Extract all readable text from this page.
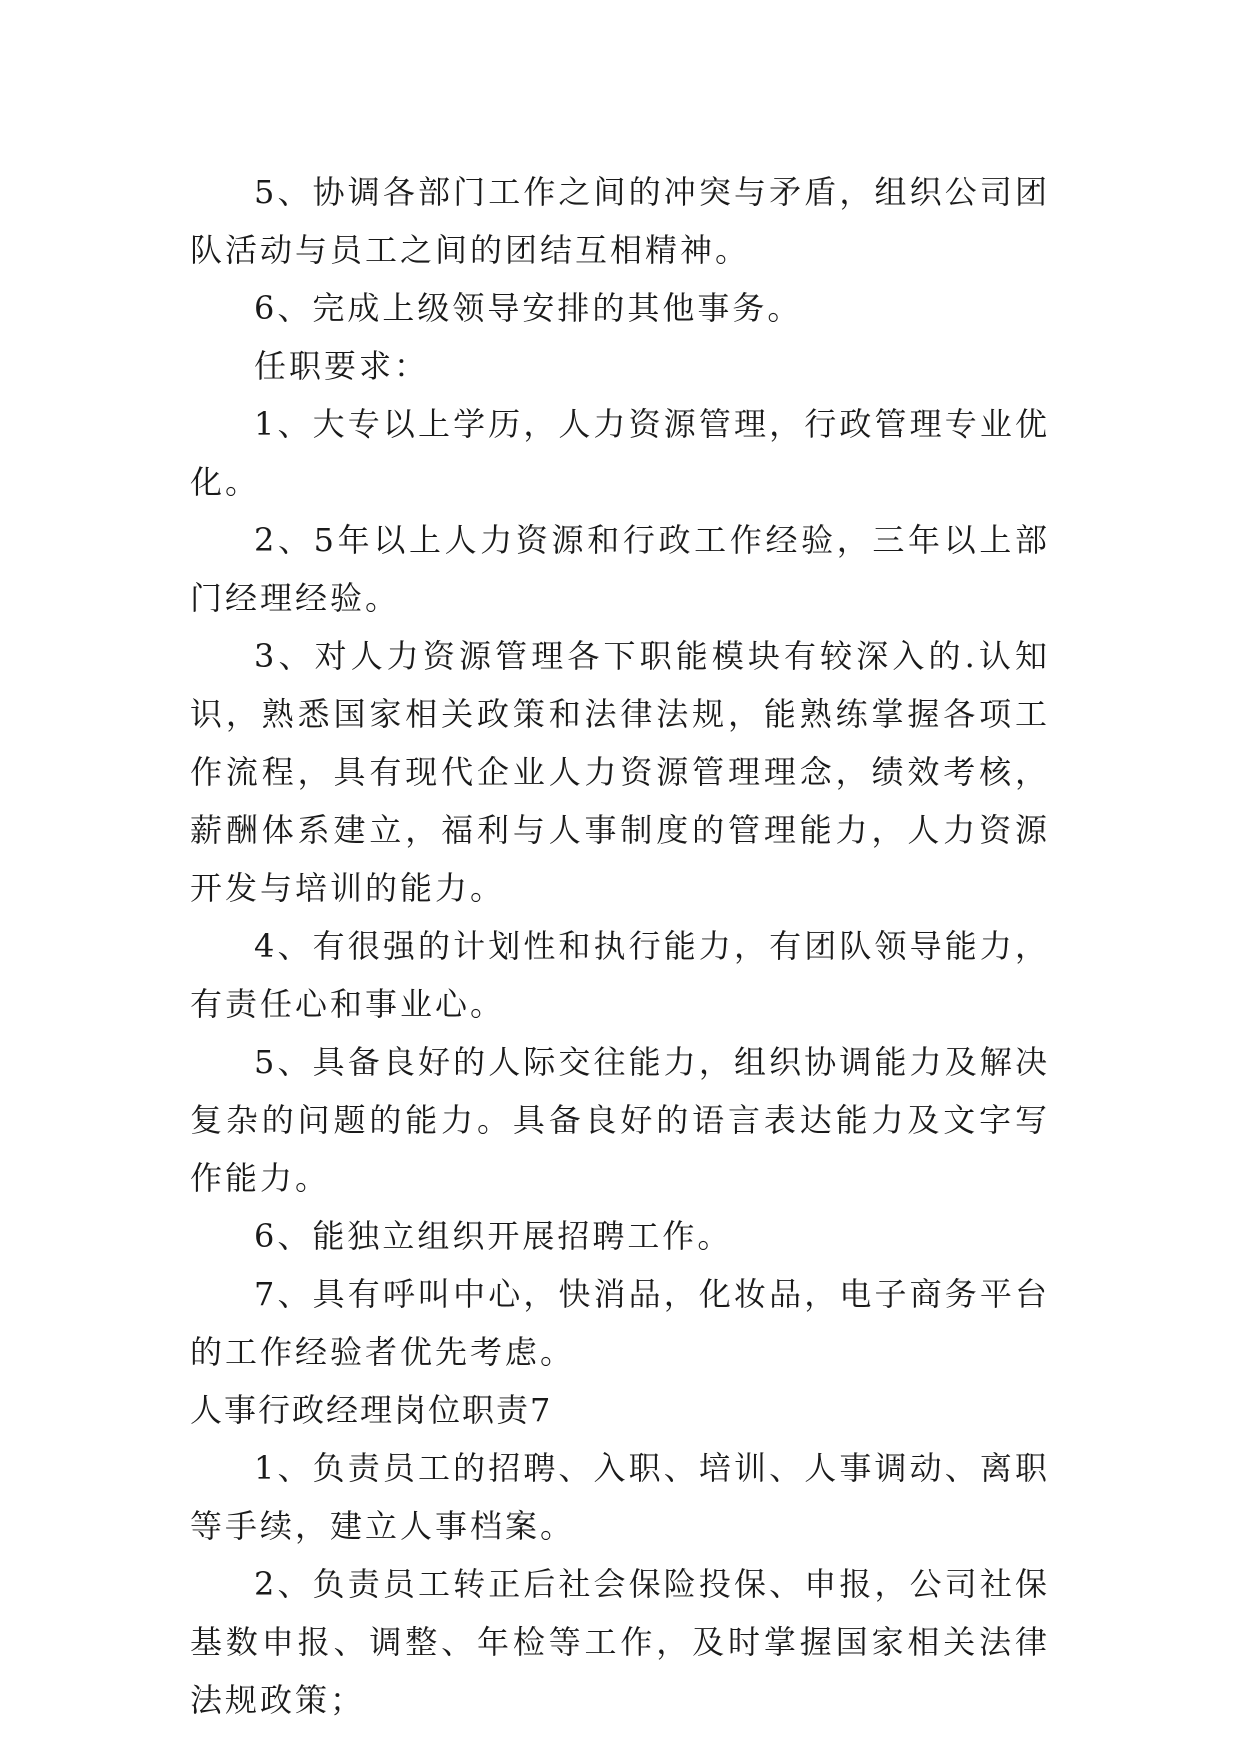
5、协调各部门工作之间的冲突与矛盾，组织公司团队活动与员工之间的团结互相精神。

6、完成上级领导安排的其他事务。

任职要求：

1、大专以上学历，人力资源管理，行政管理专业优化。

2、5年以上人力资源和行政工作经验，三年以上部门经理经验。

3、对人力资源管理各下职能模块有较深入的.认知识，熟悉国家相关政策和法律法规，能熟练掌握各项工作流程，具有现代企业人力资源管理理念，绩效考核，薪酬体系建立，福利与人事制度的管理能力，人力资源开发与培训的能力。

4、有很强的计划性和执行能力，有团队领导能力，有责任心和事业心。

5、具备良好的人际交往能力，组织协调能力及解决复杂的问题的能力。具备良好的语言表达能力及文字写作能力。

6、能独立组织开展招聘工作。

7、具有呼叫中心，快消品，化妆品，电子商务平台的工作经验者优先考虑。

人事行政经理岗位职责7

1、负责员工的招聘、入职、培训、人事调动、离职等手续，建立人事档案。

2、负责员工转正后社会保险投保、申报，公司社保基数申报、调整、年检等工作，及时掌握国家相关法律法规政策；
